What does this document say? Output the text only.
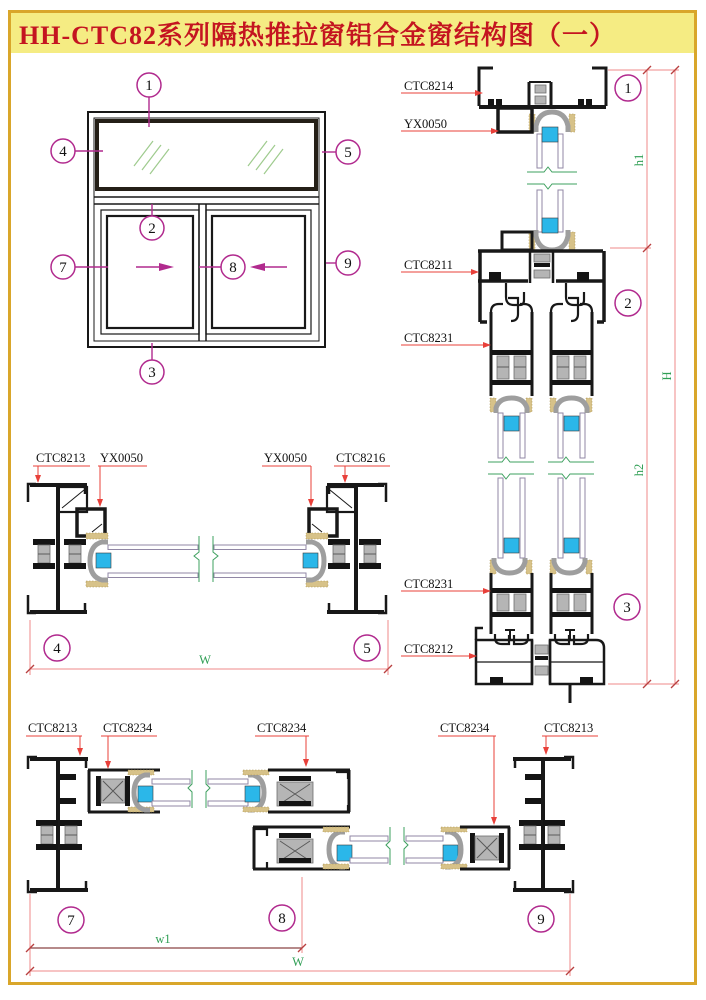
HH-CTC82系列隔热推拉窗铝合金窗结构图（一）
1
2
3
4	5
7	8	9
CTC8214
YX0050
CTC8211
CTC8231
CTC8231
CTC8212
h1
h2
H
1
2
3
CTC8213 YX0050	YX0050 CTC8216
W
4	5
CTC8213 CTC8234	CTC8234	CTC8234	CTC8213
w1
W
7	8	9
